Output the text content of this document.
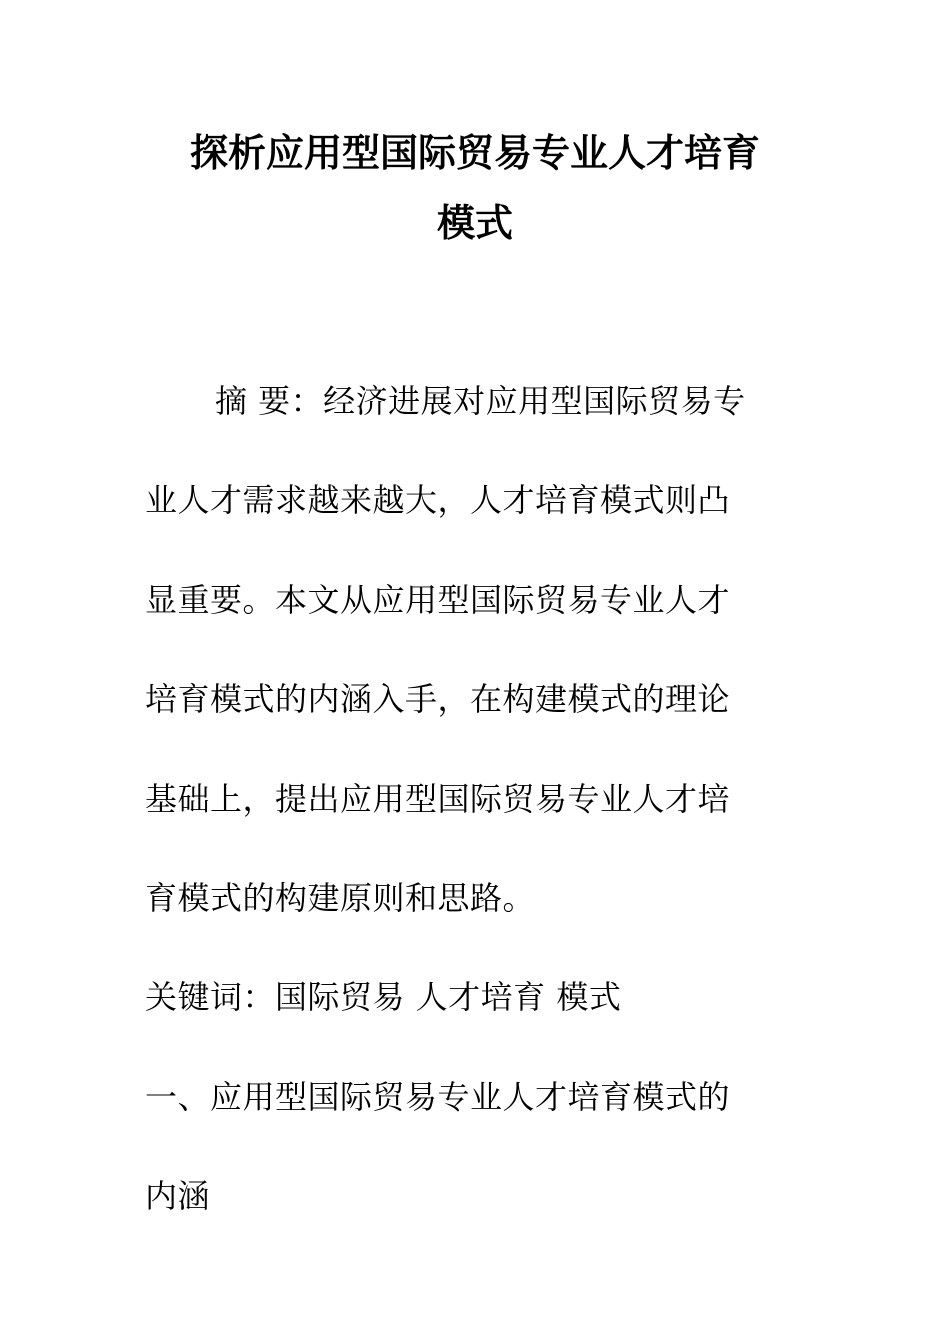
探析应用型国际贸易专业人才培育
模式
摘 要：经济进展对应用型国际贸易专
业人才需求越来越大，人才培育模式则凸
显重要。本文从应用型国际贸易专业人才
培育模式的内涵入手，在构建模式的理论
基础上，提出应用型国际贸易专业人才培
育模式的构建原则和思路。
关键词：国际贸易 人才培育 模式
一、应用型国际贸易专业人才培育模式的
内涵
